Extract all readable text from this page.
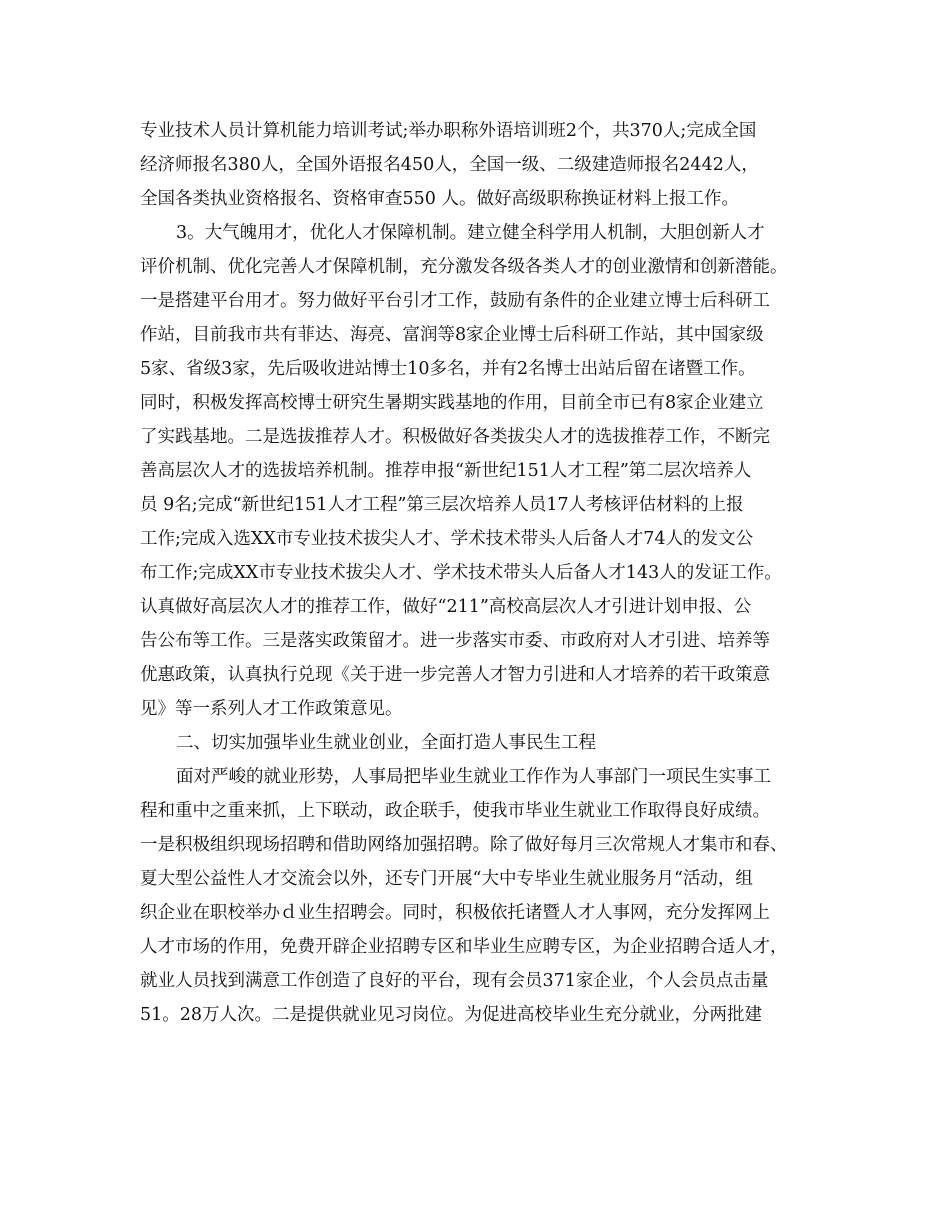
专业技术人员计算机能力培训考试;举办职称外语培训班2个，共370人;完成全国
经济师报名380人，全国外语报名450人，全国一级、二级建造师报名2442人，
全国各类执业资格报名、资格审查550 人。做好高级职称换证材料上报工作。
3。大气魄用才，优化人才保障机制。建立健全科学用人机制，大胆创新人才
评价机制、优化完善人才保障机制，充分激发各级各类人才的创业激情和创新潜能。
一是搭建平台用才。努力做好平台引才工作，鼓励有条件的企业建立博士后科研工
作站，目前我市共有菲达、海亮、富润等8家企业博士后科研工作站，其中国家级
5家、省级3家，先后吸收进站博士10多名，并有2名博士出站后留在诸暨工作。
同时，积极发挥高校博士研究生暑期实践基地的作用，目前全市已有8家企业建立
了实践基地。二是选拔推荐人才。积极做好各类拔尖人才的选拔推荐工作，不断完
善高层次人才的选拔培养机制。推荐申报“新世纪151人才工程”第二层次培养人
员 9名;完成“新世纪151人才工程”第三层次培养人员17人考核评估材料的上报
工作;完成入选XX市专业技术拔尖人才、学术技术带头人后备人才74人的发文公
布工作;完成XX市专业技术拔尖人才、学术技术带头人后备人才143人的发证工作。
认真做好高层次人才的推荐工作，做好“211”高校高层次人才引进计划申报、公
告公布等工作。三是落实政策留才。进一步落实市委、市政府对人才引进、培养等
优惠政策，认真执行兑现《关于进一步完善人才智力引进和人才培养的若干政策意
见》等一系列人才工作政策意见。
二、切实加强毕业生就业创业，全面打造人事民生工程
面对严峻的就业形势，人事局把毕业生就业工作作为人事部门一项民生实事工
程和重中之重来抓，上下联动，政企联手，使我市毕业生就业工作取得良好成绩。
一是积极组织现场招聘和借助网络加强招聘。除了做好每月三次常规人才集市和春、
夏大型公益性人才交流会以外，还专门开展“大中专毕业生就业服务月“活动，组
织企业在职校举办ｄ业生招聘会。同时，积极依托诸暨人才人事网，充分发挥网上
人才市场的作用，免费开辟企业招聘专区和毕业生应聘专区，为企业招聘合适人才，
就业人员找到满意工作创造了良好的平台，现有会员371家企业，个人会员点击量
51。28万人次。二是提供就业见习岗位。为促进高校毕业生充分就业，分两批建
